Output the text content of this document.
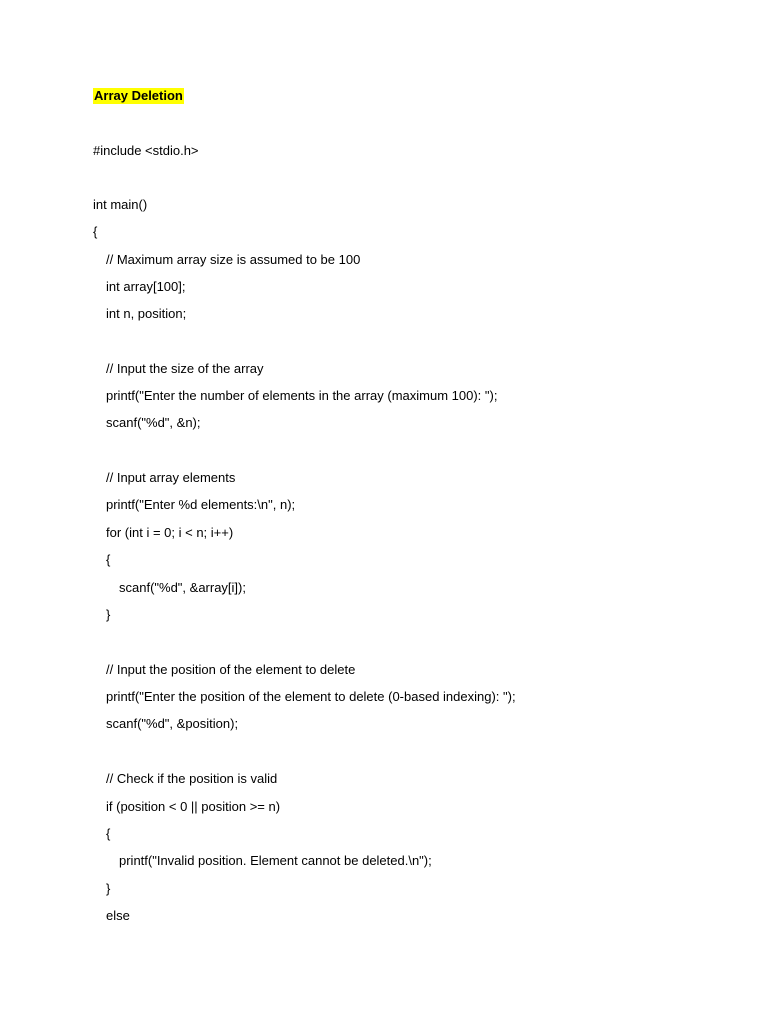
Array Deletion
#include <stdio.h>
int main()
{
// Maximum array size is assumed to be 100
int array[100];
int n, position;
// Input the size of the array
printf("Enter the number of elements in the array (maximum 100): ");
scanf("%d", &n);
// Input array elements
printf("Enter %d elements:\n", n);
for (int i = 0; i < n; i++)
{
scanf("%d", &array[i]);
}
// Input the position of the element to delete
printf("Enter the position of the element to delete (0-based indexing): ");
scanf("%d", &position);
// Check if the position is valid
if (position < 0 || position >= n)
{
printf("Invalid position. Element cannot be deleted.\n");
}
else
